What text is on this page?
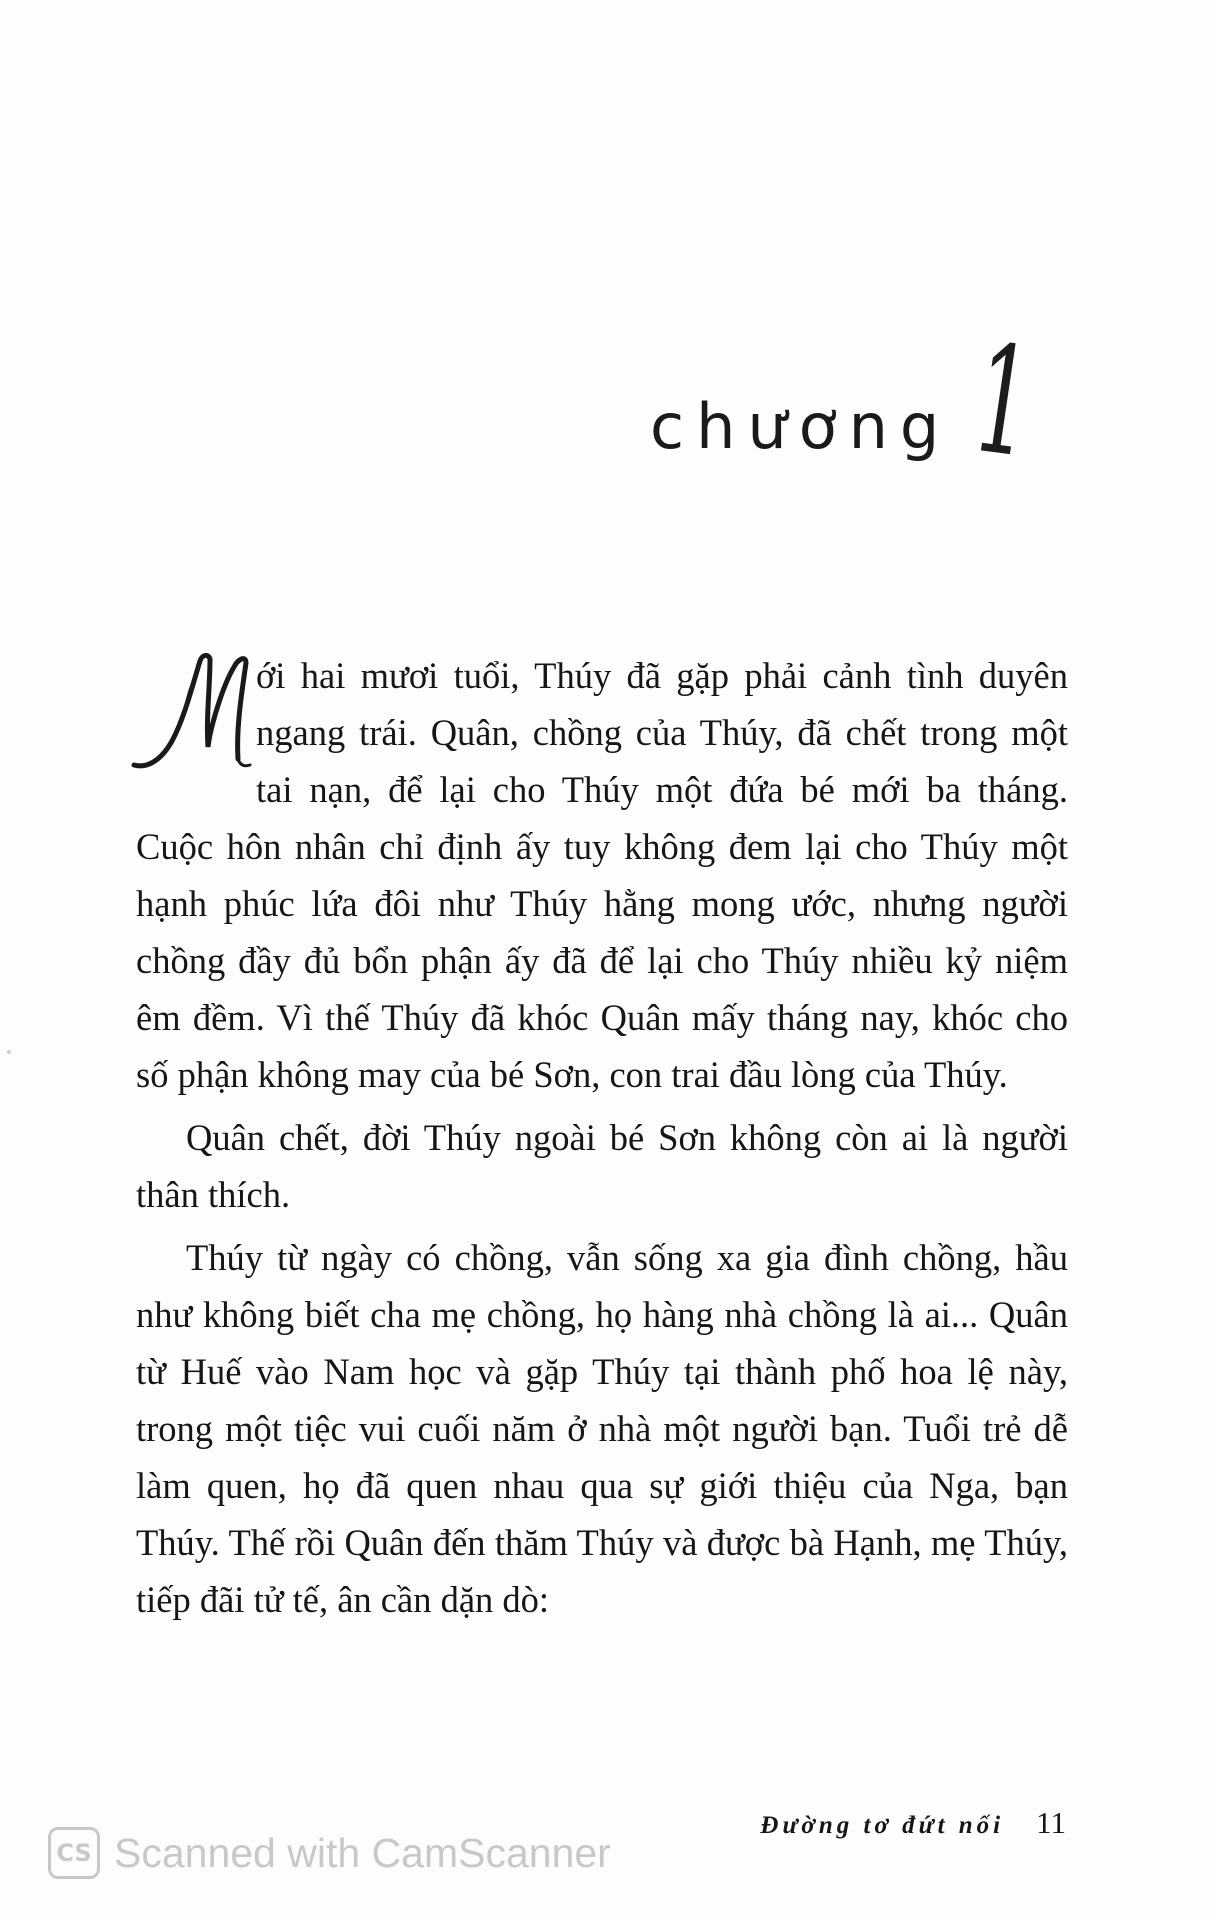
˚
chương 1

ới hai mươi tuổi, Thúy đã gặp phải cảnh tình duyên ngang trái. Quân, chồng của Thúy, đã chết trong một tai nạn, để lại cho Thúy một đứa bé mới ba tháng. Cuộc hôn nhân chỉ định ấy tuy không đem lại cho Thúy một hạnh phúc lứa đôi như Thúy hằng mong ước, nhưng người chồng đầy đủ bổn phận ấy đã để lại cho Thúy nhiều kỷ niệm êm đềm. Vì thế Thúy đã khóc Quân mấy tháng nay, khóc cho số phận không may của bé Sơn, con trai đầu lòng của Thúy.

Quân chết, đời Thúy ngoài bé Sơn không còn ai là người thân thích.

Thúy từ ngày có chồng, vẫn sống xa gia đình chồng, hầu như không biết cha mẹ chồng, họ hàng nhà chồng là ai... Quân từ Huế vào Nam học và gặp Thúy tại thành phố hoa lệ này, trong một tiệc vui cuối năm ở nhà một người bạn. Tuổi trẻ dễ làm quen, họ đã quen nhau qua sự giới thiệu của Nga, bạn Thúy. Thế rồi Quân đến thăm Thúy và được bà Hạnh, mẹ Thúy, tiếp đãi tử tế, ân cần dặn dò:

Đường tơ đứt nối 11
CS Scanned with CamScanner
